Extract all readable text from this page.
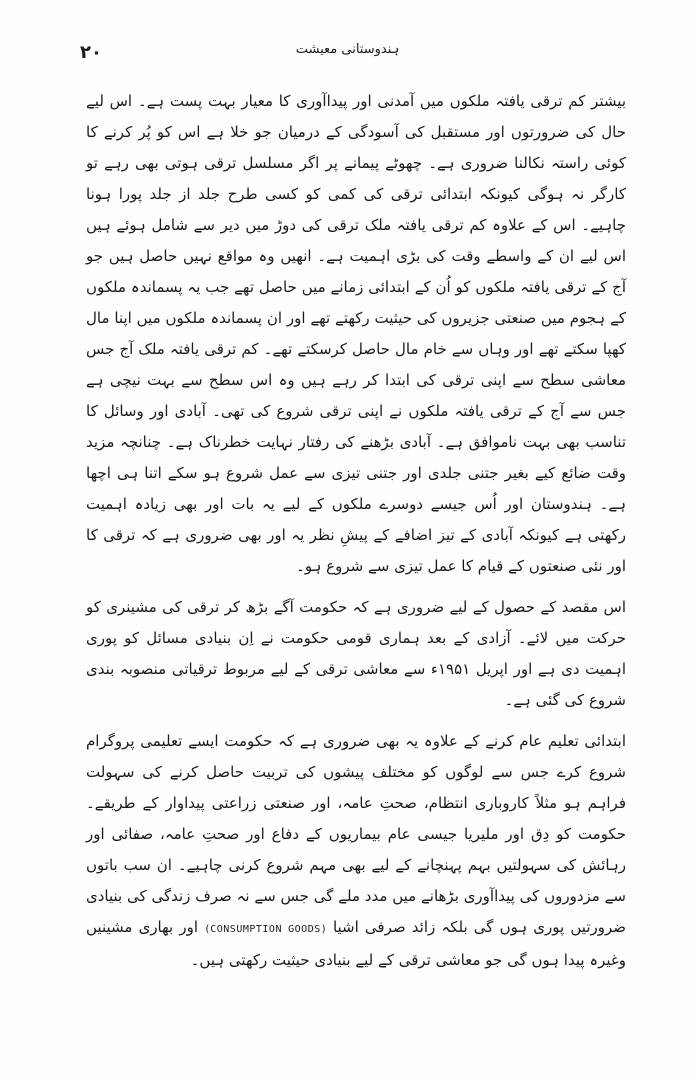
۲۰	ہندوستانی معیشت

بیشتر کم ترقی یافتہ ملکوں میں آمدنی اور پیداآوری کا معیار بہت پست ہے۔ اس لیے حال کی ضرورتوں اور مستقبل کی آسودگی کے درمیان جو خلا ہے اس کو پُر کرنے کا کوئی راستہ نکالنا ضروری ہے۔ چھوٹے پیمانے پر اگر مسلسل ترقی ہوتی بھی رہے تو کارگر نہ ہوگی کیونکہ ابتدائی ترقی کی کمی کو کسی طرح جلد از جلد پورا ہونا چاہیے۔ اس کے علاوہ کم ترقی یافتہ ملک ترقی کی دوڑ میں دیر سے شامل ہوئے ہیں اس لیے ان کے واسطے وقت کی بڑی اہمیت ہے۔ انھیں وہ مواقع نہیں حاصل ہیں جو آج کے ترقی یافتہ ملکوں کو اُن کے ابتدائی زمانے میں حاصل تھے جب یہ پسماندہ ملکوں کے ہجوم میں صنعتی جزیروں کی حیثیت رکھتے تھے اور ان پسماندہ ملکوں میں اپنا مال کھپا سکتے تھے اور وہاں سے خام مال حاصل کرسکتے تھے۔ کم ترقی یافتہ ملک آج جس معاشی سطح سے اپنی ترقی کی ابتدا کر رہے ہیں وہ اس سطح سے بہت نیچی ہے جس سے آج کے ترقی یافتہ ملکوں نے اپنی ترقی شروع کی تھی۔ آبادی اور وسائل کا تناسب بھی بہت ناموافق ہے۔ آبادی بڑھنے کی رفتار نہایت خطرناک ہے۔ چنانچہ مزید وقت ضائع کیے بغیر جتنی جلدی اور جتنی تیزی سے عمل شروع ہو سکے اتنا ہی اچھا ہے۔ ہندوستان اور اُس جیسے دوسرے ملکوں کے لیے یہ بات اور بھی زیادہ اہمیت رکھتی ہے کیونکہ آبادی کے تیز اضافے کے پیشِ نظر یہ اور بھی ضروری ہے کہ ترقی کا اور نئی صنعتوں کے قیام کا عمل تیزی سے شروع ہو۔

اس مقصد کے حصول کے لیے ضروری ہے کہ حکومت آگے بڑھ کر ترقی کی مشینری کو حرکت میں لائے۔ آزادی کے بعد ہماری قومی حکومت نے اِن بنیادی مسائل کو پوری اہمیت دی ہے اور اپریل ۱۹۵۱ء سے معاشی ترقی کے لیے مربوط ترقیاتی منصوبہ بندی شروع کی گئی ہے۔

ابتدائی تعلیم عام کرنے کے علاوہ یہ بھی ضروری ہے کہ حکومت ایسے تعلیمی پروگرام شروع کرے جس سے لوگوں کو مختلف پیشوں کی تربیت حاصل کرنے کی سہولت فراہم ہو مثلاً کاروباری انتظام، صحتِ عامہ، اور صنعتی زراعتی پیداوار کے طریقے۔ حکومت کو دِق اور ملیریا جیسی عام بیماریوں کے دفاع اور صحتِ عامہ، صفائی اور رہائش کی سہولتیں بہم پہنچانے کے لیے بھی مہم شروع کرنی چاہیے۔ ان سب باتوں سے مزدوروں کی پیداآوری بڑھانے میں مدد ملے گی جس سے نہ صرف زندگی کی بنیادی ضرورتیں پوری ہوں گی بلکہ زائد صرفی اشیا (CONSUMPTION GOODS) اور بھاری مشینیں وغیرہ پیدا ہوں گی جو معاشی ترقی کے لیے بنیادی حیثیت رکھتی ہیں۔
